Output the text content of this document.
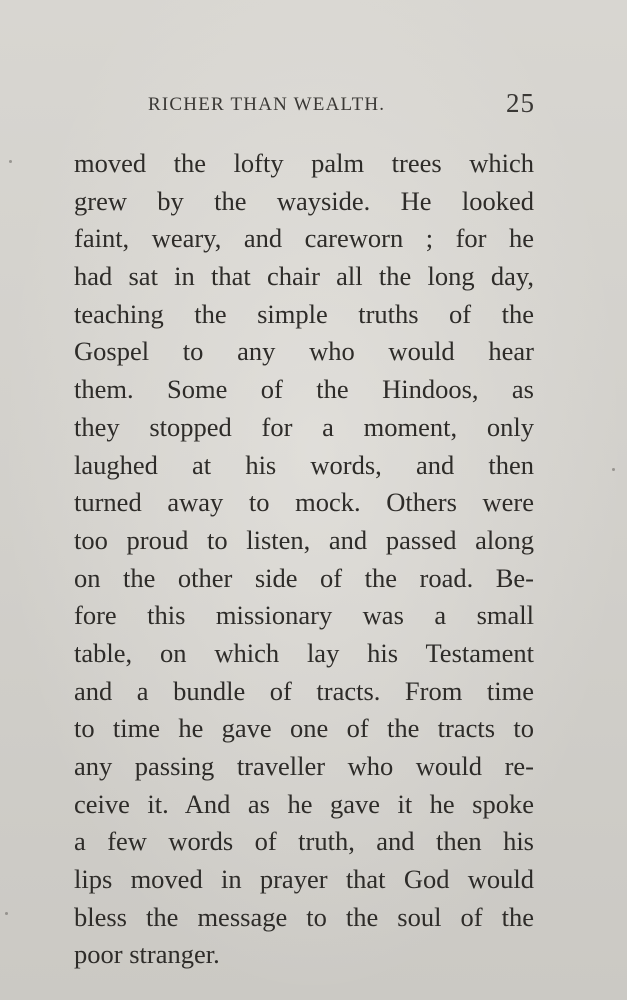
RICHER THAN WEALTH.	25
moved the lofty palm trees which
grew by the wayside. He looked
faint, weary, and careworn ; for he
had sat in that chair all the long day,
teaching the simple truths of the
Gospel to any who would hear
them. Some of the Hindoos, as
they stopped for a moment, only
laughed at his words, and then
turned away to mock. Others were
too proud to listen, and passed along
on the other side of the road. Be-
fore this missionary was a small
table, on which lay his Testament
and a bundle of tracts. From time
to time he gave one of the tracts to
any passing traveller who would re-
ceive it. And as he gave it he spoke
a few words of truth, and then his
lips moved in prayer that God would
bless the message to the soul of the
poor stranger.
